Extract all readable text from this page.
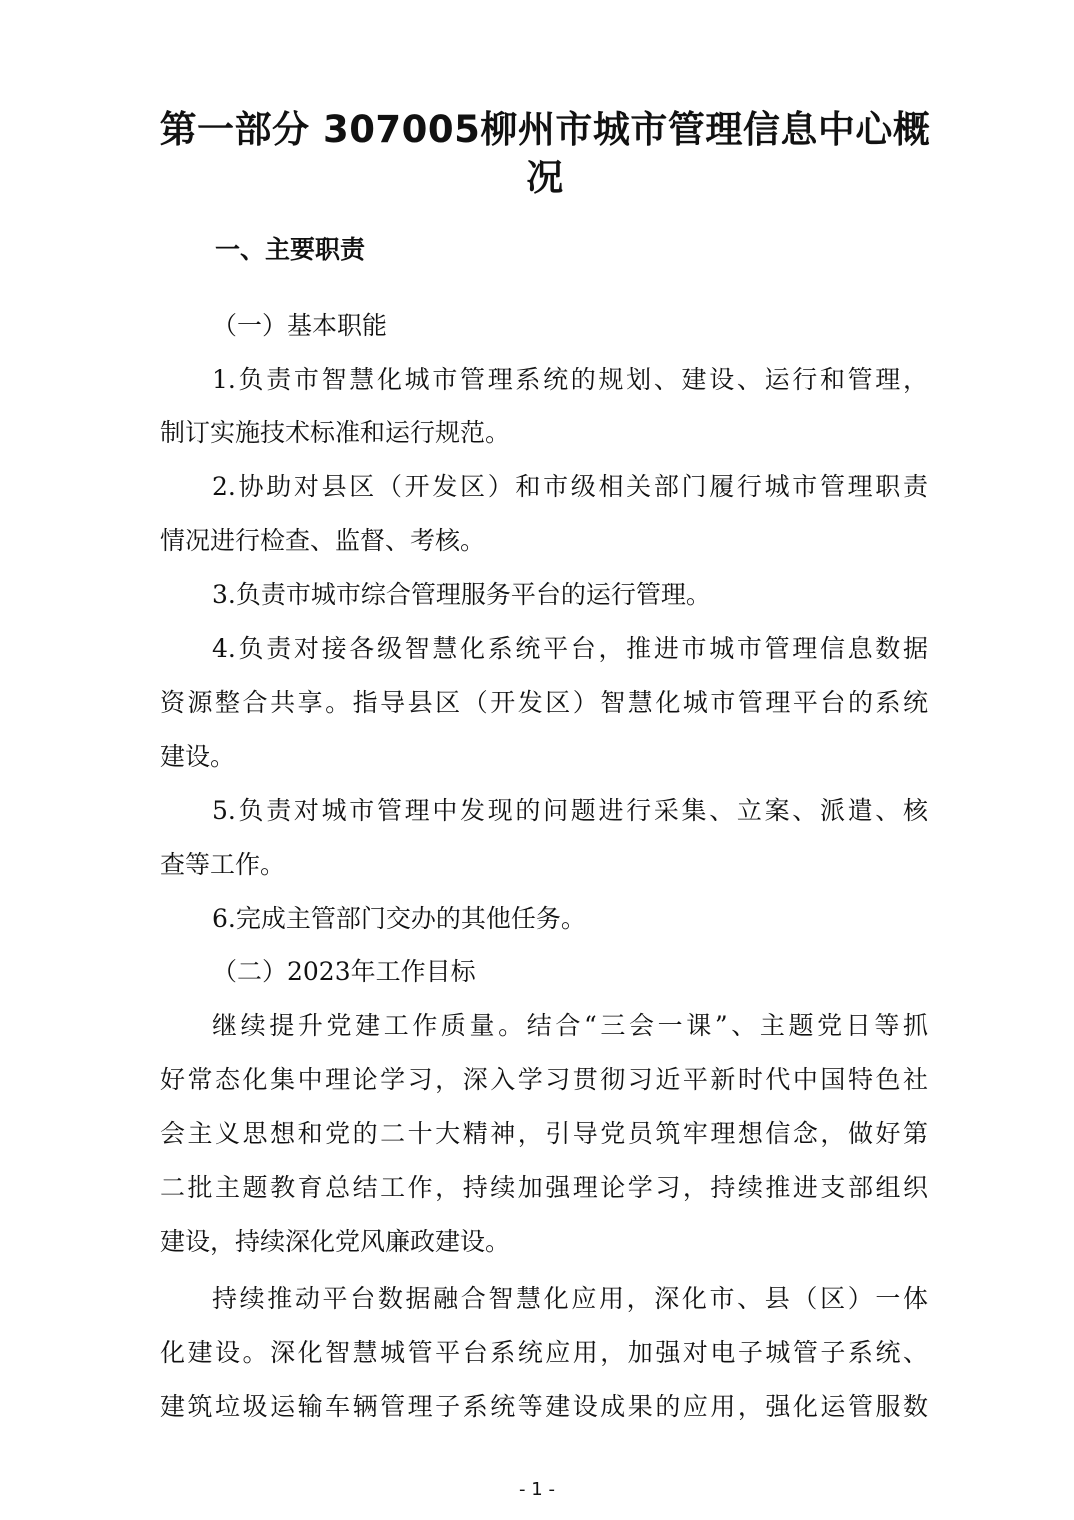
第一部分 307005柳州市城市管理信息中心概况
一、主要职责

（一）基本职能

1.负责市智慧化城市管理系统的规划、建设、运行和管理，

制订实施技术标准和运行规范。

2.协助对县区（开发区）和市级相关部门履行城市管理职责

情况进行检查、监督、考核。

3.负责市城市综合管理服务平台的运行管理。

4.负责对接各级智慧化系统平台，推进市城市管理信息数据

资源整合共享。指导县区（开发区）智慧化城市管理平台的系统

建设。

5.负责对城市管理中发现的问题进行采集、立案、派遣、核

查等工作。

6.完成主管部门交办的其他任务。

（二）2023年工作目标

继续提升党建工作质量。结合“三会一课”、主题党日等抓

好常态化集中理论学习，深入学习贯彻习近平新时代中国特色社

会主义思想和党的二十大精神，引导党员筑牢理想信念，做好第

二批主题教育总结工作，持续加强理论学习，持续推进支部组织

建设，持续深化党风廉政建设。

持续推动平台数据融合智慧化应用，深化市、县（区）一体

化建设。深化智慧城管平台系统应用，加强对电子城管子系统、

建筑垃圾运输车辆管理子系统等建设成果的应用，强化运管服数

- 1 -
